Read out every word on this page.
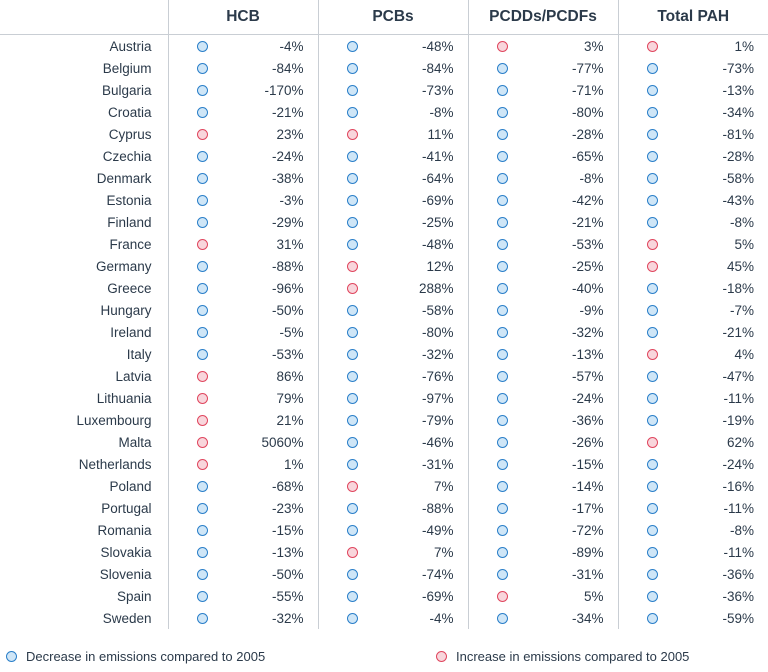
	HCB	PCBs	PCDDs/PCDFs	Total PAH
Austria	-4%	-48%	3%	1%

Belgium	-84%	-84%	-77%	-73%

Bulgaria	-170%	-73%	-71%	-13%

Croatia	-21%	-8%	-80%	-34%

Cyprus	23%	11%	-28%	-81%

Czechia	-24%	-41%	-65%	-28%

Denmark	-38%	-64%	-8%	-58%

Estonia	-3%	-69%	-42%	-43%

Finland	-29%	-25%	-21%	-8%

France	31%	-48%	-53%	5%

Germany	-88%	12%	-25%	45%

Greece	-96%	288%	-40%	-18%

Hungary	-50%	-58%	-9%	-7%

Ireland	-5%	-80%	-32%	-21%

Italy	-53%	-32%	-13%	4%

Latvia	86%	-76%	-57%	-47%

Lithuania	79%	-97%	-24%	-11%

Luxembourg	21%	-79%	-36%	-19%

Malta	5060%	-46%	-26%	62%

Netherlands	1%	-31%	-15%	-24%

Poland	-68%	7%	-14%	-16%

Portugal	-23%	-88%	-17%	-11%

Romania	-15%	-49%	-72%	-8%

Slovakia	-13%	7%	-89%	-11%

Slovenia	-50%	-74%	-31%	-36%

Spain	-55%	-69%	5%	-36%

Sweden	-32%	-4%	-34%	-59%
Decrease in emissions compared to 2005	Increase in emissions compared to 2005
